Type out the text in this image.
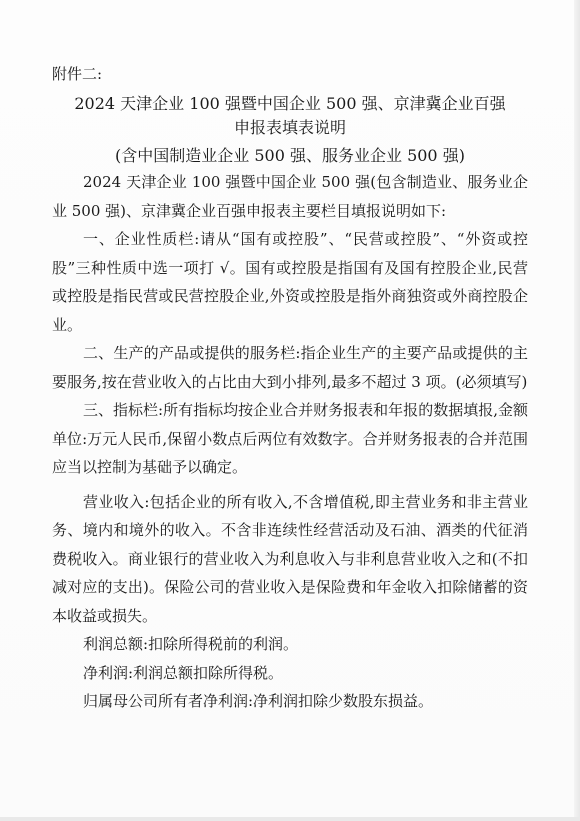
附件二:
2024 天津企业 100 强暨中国企业 500 强、京津冀企业百强
申报表填表说明
(含中国制造业企业 500 强、服务业企业 500 强)

2024 天津企业 100 强暨中国企业 500 强(包含制造业、服务业企业 500 强)、京津冀企业百强申报表主要栏目填报说明如下:

一、企业性质栏:请从“国有或控股”、“民营或控股”、“外资或控股”三种性质中选一项打 √。国有或控股是指国有及国有控股企业,民营或控股是指民营或民营控股企业,外资或控股是指外商独资或外商控股企业。

二、生产的产品或提供的服务栏:指企业生产的主要产品或提供的主要服务,按在营业收入的占比由大到小排列,最多不超过 3 项。(必须填写)

三、指标栏:所有指标均按企业合并财务报表和年报的数据填报,金额单位:万元人民币,保留小数点后两位有效数字。合并财务报表的合并范围应当以控制为基础予以确定。

营业收入:包括企业的所有收入,不含增值税,即主营业务和非主营业务、境内和境外的收入。不含非连续性经营活动及石油、酒类的代征消费税收入。商业银行的营业收入为利息收入与非利息营业收入之和(不扣减对应的支出)。保险公司的营业收入是保险费和年金收入扣除储蓄的资本收益或损失。

利润总额:扣除所得税前的利润。

净利润:利润总额扣除所得税。

归属母公司所有者净利润:净利润扣除少数股东损益。
